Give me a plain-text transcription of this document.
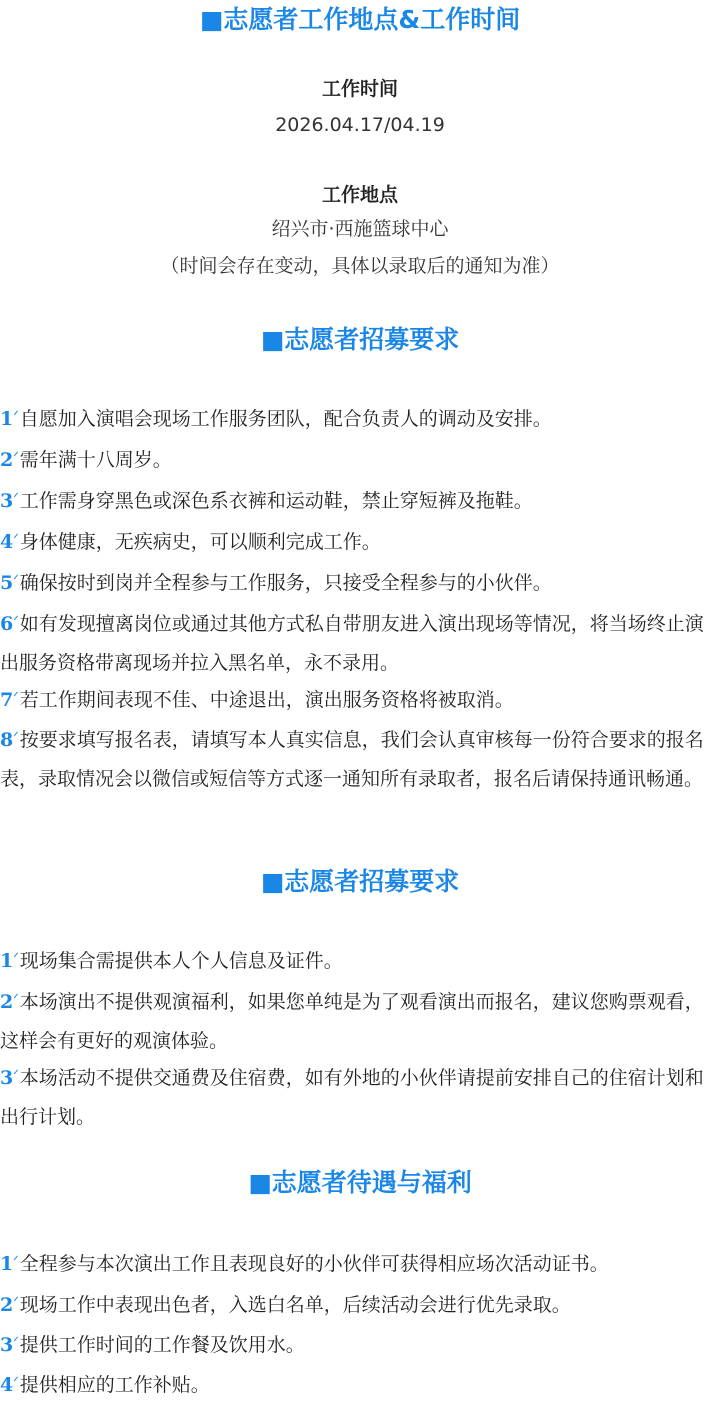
■志愿者工作地点&工作时间
工作时间
2026.04.17/04.19
工作地点
绍兴市·西施篮球中心
（时间会存在变动，具体以录取后的通知为准）
■志愿者招募要求
1ᐟ自愿加入演唱会现场工作服务团队，配合负责人的调动及安排。
2ᐟ需年满十八周岁。
3ᐟ工作需身穿黑色或深色系衣裤和运动鞋，禁止穿短裤及拖鞋。
4ᐟ身体健康，无疾病史，可以顺利完成工作。
5ᐟ确保按时到岗并全程参与工作服务，只接受全程参与的小伙伴。
6ᐟ如有发现擅离岗位或通过其他方式私自带朋友进入演出现场等情况，将当场终止演出服务资格带离现场并拉入黑名单，永不录用。
7ᐟ若工作期间表现不佳、中途退出，演出服务资格将被取消。
8ᐟ按要求填写报名表，请填写本人真实信息，我们会认真审核每一份符合要求的报名表，录取情况会以微信或短信等方式逐一通知所有录取者，报名后请保持通讯畅通。
■志愿者招募要求
1ᐟ现场集合需提供本人个人信息及证件。
2ᐟ本场演出不提供观演福利，如果您单纯是为了观看演出而报名，建议您购票观看，这样会有更好的观演体验。
3ᐟ本场活动不提供交通费及住宿费，如有外地的小伙伴请提前安排自己的住宿计划和出行计划。
■志愿者待遇与福利
1ᐟ全程参与本次演出工作且表现良好的小伙伴可获得相应场次活动证书。
2ᐟ现场工作中表现出色者，入选白名单，后续活动会进行优先录取。
3ᐟ提供工作时间的工作餐及饮用水。
4ᐟ提供相应的工作补贴。
